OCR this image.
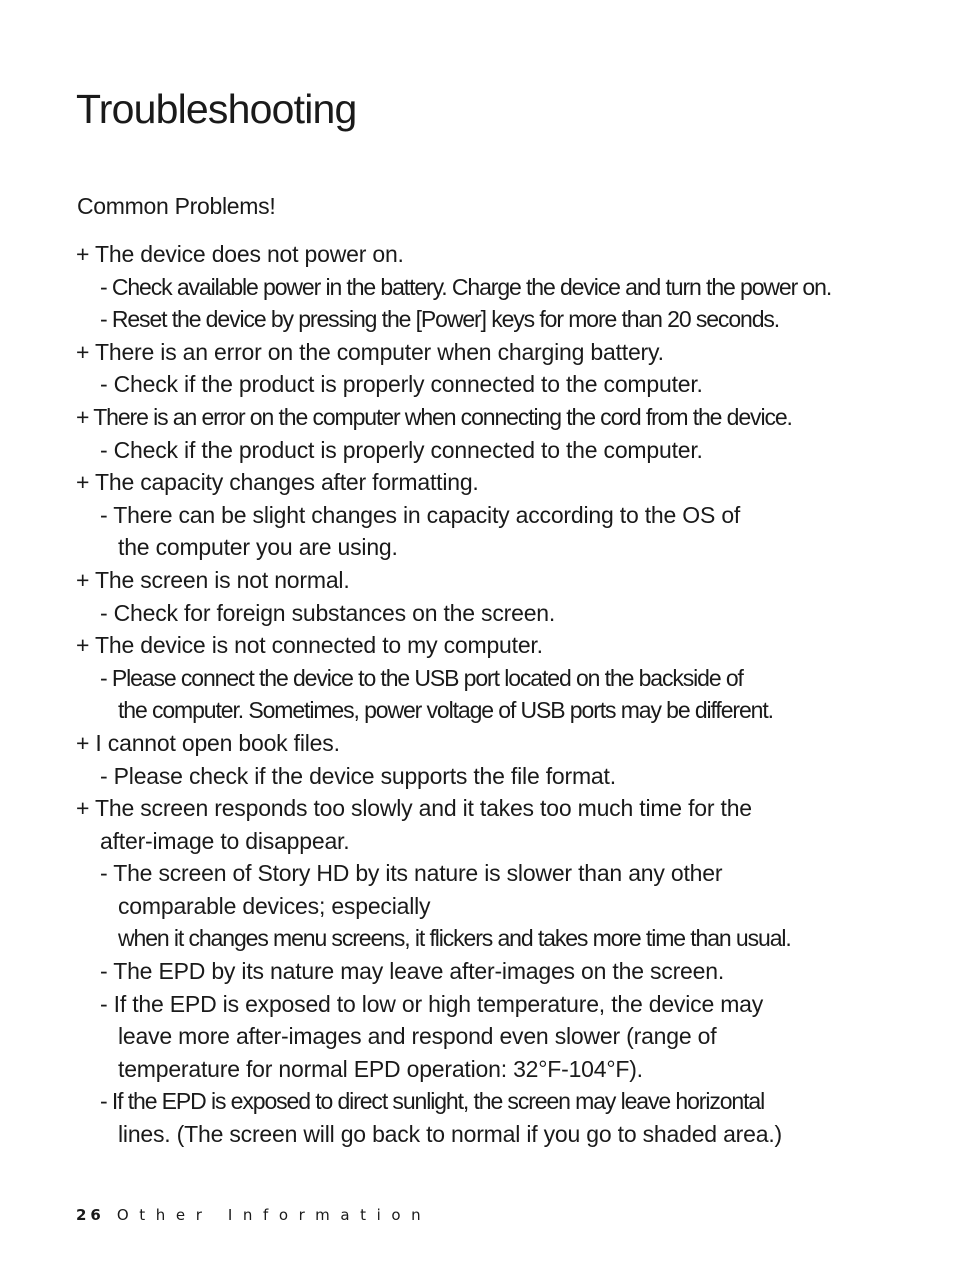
Troubleshooting
Common Problems!
+ The device does not power on.
- Check available power in the battery. Charge the device and turn the power on.
- Reset the device by pressing the [Power] keys for more than 20 seconds.
+ There is an error on the computer when charging battery.
- Check if the product is properly connected to the computer.
+ There is an error on the computer when connecting the cord from the device.
- Check if the product is properly connected to the computer.
+ The capacity changes after formatting.
- There can be slight changes in capacity according to the OS of
the computer you are using.
+ The screen is not normal.
- Check for foreign substances on the screen.
+ The device is not connected to my computer.
- Please connect the device to the USB port located on the backside of
the computer. Sometimes, power voltage of USB ports may be different.
+ I cannot open book files.
- Please check if the device supports the file format.
+ The screen responds too slowly and it takes too much time for the
after-image to disappear.
- The screen of Story HD by its nature is slower than any other
comparable devices; especially
when it changes menu screens, it flickers and takes more time than usual.
- The EPD by its nature may leave after-images on the screen.
- If the EPD is exposed to low or high temperature, the device may
leave more after-images and respond even slower (range of
temperature for normal EPD operation: 32°F-104°F).
- If the EPD is exposed to direct sunlight, the screen may leave horizontal
lines. (The screen will go back to normal if you go to shaded area.)
26 Other Information
